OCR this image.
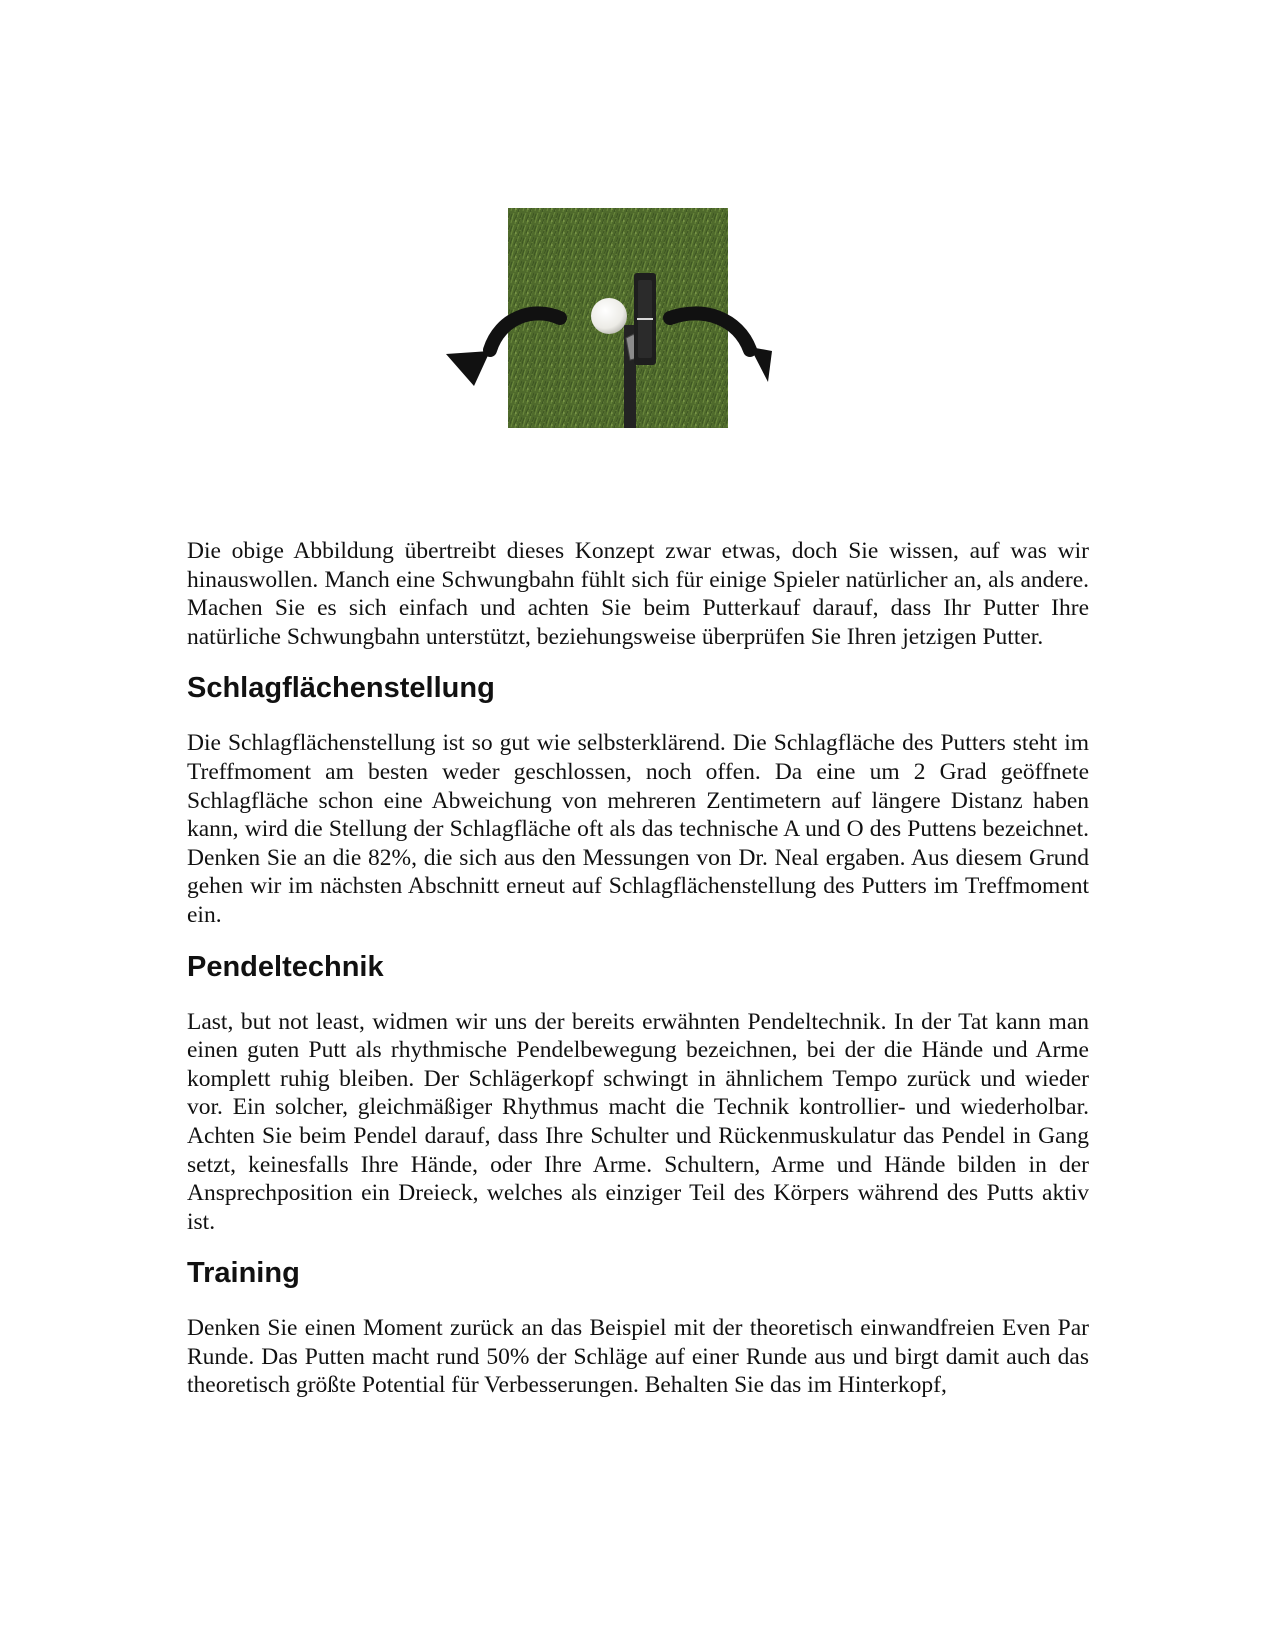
Die obige Abbildung übertreibt dieses Konzept zwar etwas, doch Sie wissen, auf was wir hinauswollen. Manch eine Schwungbahn fühlt sich für einige Spieler natürlicher an, als andere. Machen Sie es sich einfach und achten Sie beim Putterkauf darauf, dass Ihr Putter Ihre natürliche Schwungbahn unterstützt, beziehungsweise überprüfen Sie Ihren jetzigen Putter.

Schlagflächenstellung

Die Schlagflächenstellung ist so gut wie selbsterklärend. Die Schlagfläche des Putters steht im Treffmoment am besten weder geschlossen, noch offen. Da eine um 2 Grad geöffnete Schlagfläche schon eine Abweichung von mehreren Zentimetern auf längere Distanz haben kann, wird die Stellung der Schlagfläche oft als das technische A und O des Puttens bezeichnet. Denken Sie an die 82%, die sich aus den Messungen von Dr. Neal ergaben. Aus diesem Grund gehen wir im nächsten Abschnitt erneut auf Schlagflächenstellung des Putters im Treffmoment ein.

Pendeltechnik

Last, but not least, widmen wir uns der bereits erwähnten Pendeltechnik. In der Tat kann man einen guten Putt als rhythmische Pendelbewegung bezeichnen, bei der die Hände und Arme komplett ruhig bleiben. Der Schlägerkopf schwingt in ähnlichem Tempo zurück und wieder vor. Ein solcher, gleichmäßiger Rhythmus macht die Technik kontrollier- und wiederholbar. Achten Sie beim Pendel darauf, dass Ihre Schulter und Rückenmuskulatur das Pendel in Gang setzt, keinesfalls Ihre Hände, oder Ihre Arme. Schultern, Arme und Hände bilden in der Ansprechposition ein Dreieck, welches als einziger Teil des Körpers während des Putts aktiv ist.

Training

Denken Sie einen Moment zurück an das Beispiel mit der theoretisch einwandfreien Even Par Runde. Das Putten macht rund 50% der Schläge auf einer Runde aus und birgt damit auch das theoretisch größte Potential für Verbesserungen. Behalten Sie das im Hinterkopf,
